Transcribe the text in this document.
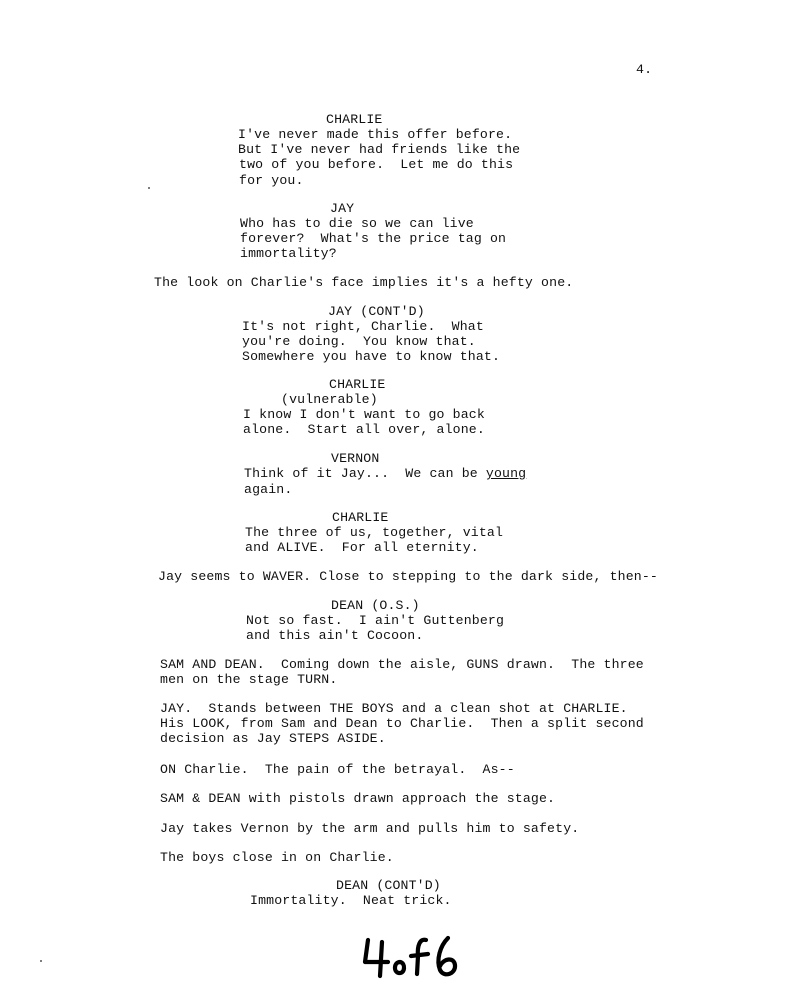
4.
CHARLIE
I've never made this offer before.
But I've never had friends like the
two of you before.  Let me do this
for you.
JAY
Who has to die so we can live
forever?  What's the price tag on
immortality?
The look on Charlie's face implies it's a hefty one.
JAY (CONT'D)
It's not right, Charlie.  What
you're doing.  You know that.
Somewhere you have to know that.
CHARLIE
(vulnerable)
I know I don't want to go back
alone.  Start all over, alone.
VERNON
Think of it Jay...  We can be young
again.
CHARLIE
The three of us, together, vital
and ALIVE.  For all eternity.
Jay seems to WAVER. Close to stepping to the dark side, then--
DEAN (O.S.)
Not so fast.  I ain't Guttenberg
and this ain't Cocoon.
SAM AND DEAN.  Coming down the aisle, GUNS drawn.  The three
men on the stage TURN.
JAY.  Stands between THE BOYS and a clean shot at CHARLIE.
His LOOK, from Sam and Dean to Charlie.  Then a split second
decision as Jay STEPS ASIDE.
ON Charlie.  The pain of the betrayal.  As--
SAM & DEAN with pistols drawn approach the stage.
Jay takes Vernon by the arm and pulls him to safety.
The boys close in on Charlie.
DEAN (CONT'D)
Immortality.  Neat trick.
